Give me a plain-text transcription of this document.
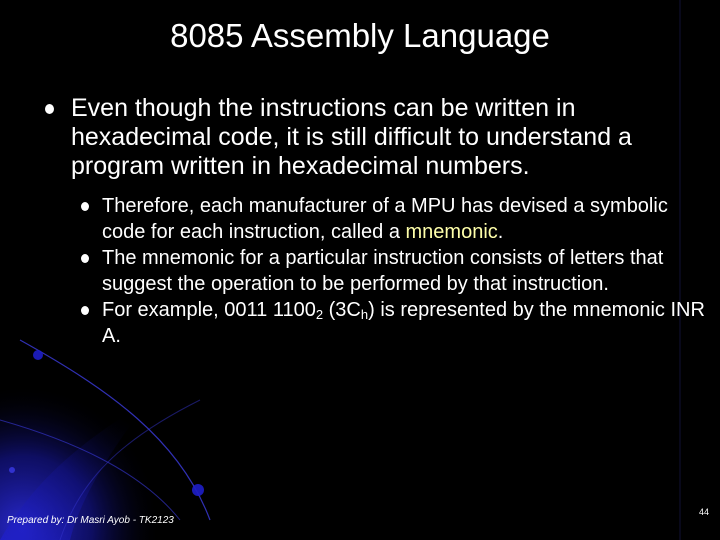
8085 Assembly Language
Even though the instructions can be written in hexadecimal code, it is still difficult to understand a program written in hexadecimal numbers.
Therefore, each manufacturer of a MPU has devised a symbolic code for each instruction, called a mnemonic.
The mnemonic for a particular instruction consists of letters that suggest the operation to be performed by that instruction.
For example, 0011 $1100_2$ $(3C_h)$ is represented by the mnemonic INR A.
Prepared by: Dr Masri Ayob - TK2123
44
